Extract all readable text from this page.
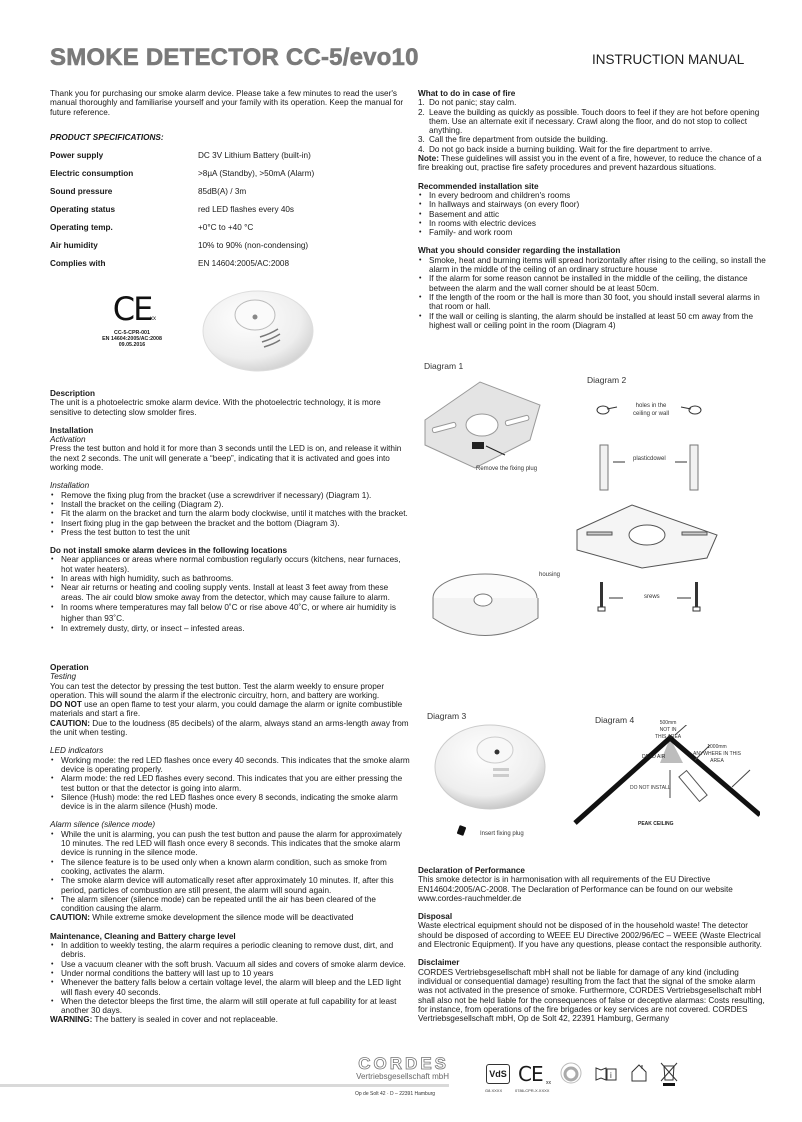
SMOKE DETECTOR CC-5/evo10	INSTRUCTION MANUAL
Thank you for purchasing our smoke alarm device. Please take a few minutes to read the user's manual thoroughly and familiarise yourself and your family with its operation. Keep the manual for future reference.
PRODUCT SPECIFICATIONS:
Power supply	DC 3V Lithium Battery (built-in)
Electric consumption	>8µA (Standby), >50mA (Alarm)
Sound pressure	85dB(A) / 3m
Operating status	red LED flashes every 40s
Operating temp.	+0°C to +40 °C
Air humidity	10% to 90% (non-condensing)
Complies with	EN 14604:2005/AC:2008
CE
xx
CC-5-CPR-001
EN 14604:2005/AC:2008
09.05.2016

Description

The unit is a photoelectric smoke alarm device. With the photoelectric technology, it is more sensitive to detecting slow smolder fires.

Installation

Activation

Press the test button and hold it for more than 3 seconds until the LED is on, and release it within the next 2 seconds. The unit will generate a “beep”, indicating that it is activated and goes into working mode.

Installation

• Remove the fixing plug from the bracket (use a screwdriver if necessary) (Diagram 1).
• Install the bracket on the ceiling (Diagram 2).
• Fit the alarm on the bracket and turn the alarm body clockwise, until it matches with the bracket.
• Insert fixing plug in the gap between the bracket and the bottom (Diagram 3).
• Press the test button to test the unit

Do not install smoke alarm devices in the following locations

• Near appliances or areas where normal combustion regularly occurs (kitchens, near furnaces, hot water heaters).
• In areas with high humidity, such as bathrooms.
• Near air returns or heating and cooling supply vents. Install at least 3 feet away from these areas. The air could blow smoke away from the detector, which may cause failure to alarm.
• In rooms where temperatures may fall below 0˚C or rise above 40˚C, or where air humidity is higher than 93˚C.
• In extremely dusty, dirty, or insect – infested areas.

Operation

Testing

You can test the detector by pressing the test button. Test the alarm weekly to ensure proper operation. This will sound the alarm if the electronic circuitry, horn, and battery are working.

DO NOT use an open flame to test your alarm, you could damage the alarm or ignite combustible materials and start a fire.

CAUTION: Due to the loudness (85 decibels) of the alarm, always stand an arms-length away from the unit when testing.

LED indicators

• Working mode: the red LED flashes once every 40 seconds. This indicates that the smoke alarm device is operating properly.
• Alarm mode: the red LED flashes every second. This indicates that you are either pressing the test button or that the detector is going into alarm.
• Silence (Hush) mode: the red LED flashes once every 8 seconds, indicating the smoke alarm device is in the alarm silence (Hush) mode.

Alarm silence (silence mode)

• While the unit is alarming, you can push the test button and pause the alarm for approximately 10 minutes. The red LED will flash once every 8 seconds. This indicates that the smoke alarm device is running in the silence mode.
• The silence feature is to be used only when a known alarm condition, such as smoke from cooking, activates the alarm.
• The smoke alarm device will automatically reset after approximately 10 minutes. If, after this period, particles of combustion are still present, the alarm will sound again.
• The alarm silencer (silence mode) can be repeated until the air has been cleared of the condition causing the alarm.

CAUTION: While extreme smoke development the silence mode will be deactivated

Maintenance, Cleaning and Battery charge level

• In addition to weekly testing, the alarm requires a periodic cleaning to remove dust, dirt, and debris.
• Use a vacuum cleaner with the soft brush. Vacuum all sides and covers of smoke alarm device.
• Under normal conditions the battery will last up to 10 years
• Whenever the battery falls below a certain voltage level, the alarm will bleep and the LED light will flash every 40 seconds.
• When the detector bleeps the first time, the alarm will still operate at full capability for at least another 30 days.

WARNING: The battery is sealed in cover and not replaceable.

What to do in case of fire

1. Do not panic; stay calm.
2. Leave the building as quickly as possible. Touch doors to feel if they are hot before opening them. Use an alternate exit if necessary. Crawl along the floor, and do not stop to collect anything.
3. Call the fire department from outside the building.
4. Do not go back inside a burning building. Wait for the fire department to arrive.

Note: These guidelines will assist you in the event of a fire, however, to reduce the chance of a fire breaking out, practise fire safety procedures and prevent hazardous situations.

Recommended installation site

• In every bedroom and children's rooms
• In hallways and stairways (on every floor)
• Basement and attic
• In rooms with electric devices
• Family- and work room

What you should consider regarding the installation

• Smoke, heat and burning items will spread horizontally after rising to the ceiling, so install the alarm in the middle of the ceiling of an ordinary structure house
• If the alarm for some reason cannot be installed in the middle of the ceiling, the distance between the alarm and the wall corner should be at least 50cm.
• If the length of the room or the hall is more than 30 foot, you should install several alarms in that room or hall.
• If the wall or ceiling is slanting, the alarm should be installed at least 50 cm away from the highest wall or ceiling point in the room (Diagram 4)
Diagram 1
Remove the fixing plug
Diagram 2
holes in the
ceiling or wall
plasticdowel
srews
housing
Diagram 3
Insert fixing plug
Diagram 4	500mm
NOT IN
THIS AREA
1000mm
ANYWHERE IN THIS
AREA
DEAD AIR
DO NOT INSTALL
PEAK CEILING

Declaration of Performance

This smoke detector is in harmonisation with all requirements of the EU Directive EN14604:2005/AC-2008. The Declaration of Performance can be found on our website www.cordes-rauchmelder.de

Disposal

Waste electrical equipment should not be disposed of in the household waste! The detector should be disposed of according to WEEE EU Directive 2002/96/EC – WEEE (Waste Electrical and Electronic Equipment). If you have any questions, please contact the responsible authority.

Disclaimer

CORDES Vertriebsgesellschaft mbH shall not be liable for damage of any kind (including individual or consequential damage) resulting from the fact that the signal of the smoke alarm was not activated in the presence of smoke. Furthermore, CORDES Vertriebsgesellschaft mbH shall also not be held liable for the consequences of false or deceptive alarmas: Costs resulting, for instance, from operations of the fire brigades or key services are not covered. CORDES Vertriebsgesellschaft mbH, Op de Solt 42, 22391 Hamburg, Germany

CORDES
Vertriebsgesellschaft mbH
Op de Solt 42 · D – 22391 Hamburg
VdS
G8.XXXX
CE xx
0786-CPR-X.XXXX
i
